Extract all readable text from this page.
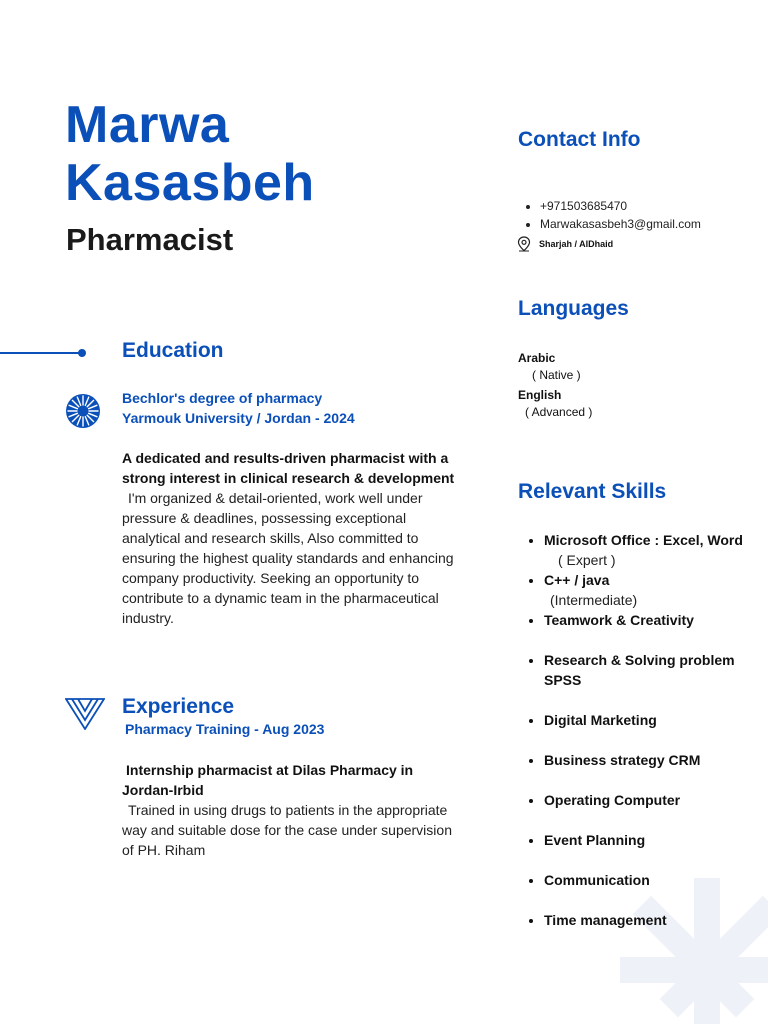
Marwa
Kasasbeh
Pharmacist
Contact Info
• +971503685470
• Marwakasasbeh3@gmail.com
Sharjah / AlDhaid
Languages
Arabic
( Native )
English
( Advanced )
Relevant Skills
• Microsoft Office : Excel, Word
( Expert )
• C++ / java
(Intermediate)
• Teamwork & Creativity
• Research & Solving problem SPSS
• Digital Marketing
• Business strategy CRM
• Operating Computer
• Event Planning
• Communication
• Time management
Education
Bechlor's degree of pharmacy
Yarmouk University / Jordan - 2024
A dedicated and results-driven pharmacist with a strong interest in clinical research & development
I'm organized & detail-oriented, work well under pressure & deadlines, possessing exceptional analytical and research skills, Also committed to ensuring the highest quality standards and enhancing company productivity. Seeking an opportunity to contribute to a dynamic team in the pharmaceutical industry.
Experience
Pharmacy Training - Aug 2023
Internship pharmacist at Dilas Pharmacy in Jordan-Irbid
Trained in using drugs to patients in the appropriate way and suitable dose for the case under supervision of PH. Riham
